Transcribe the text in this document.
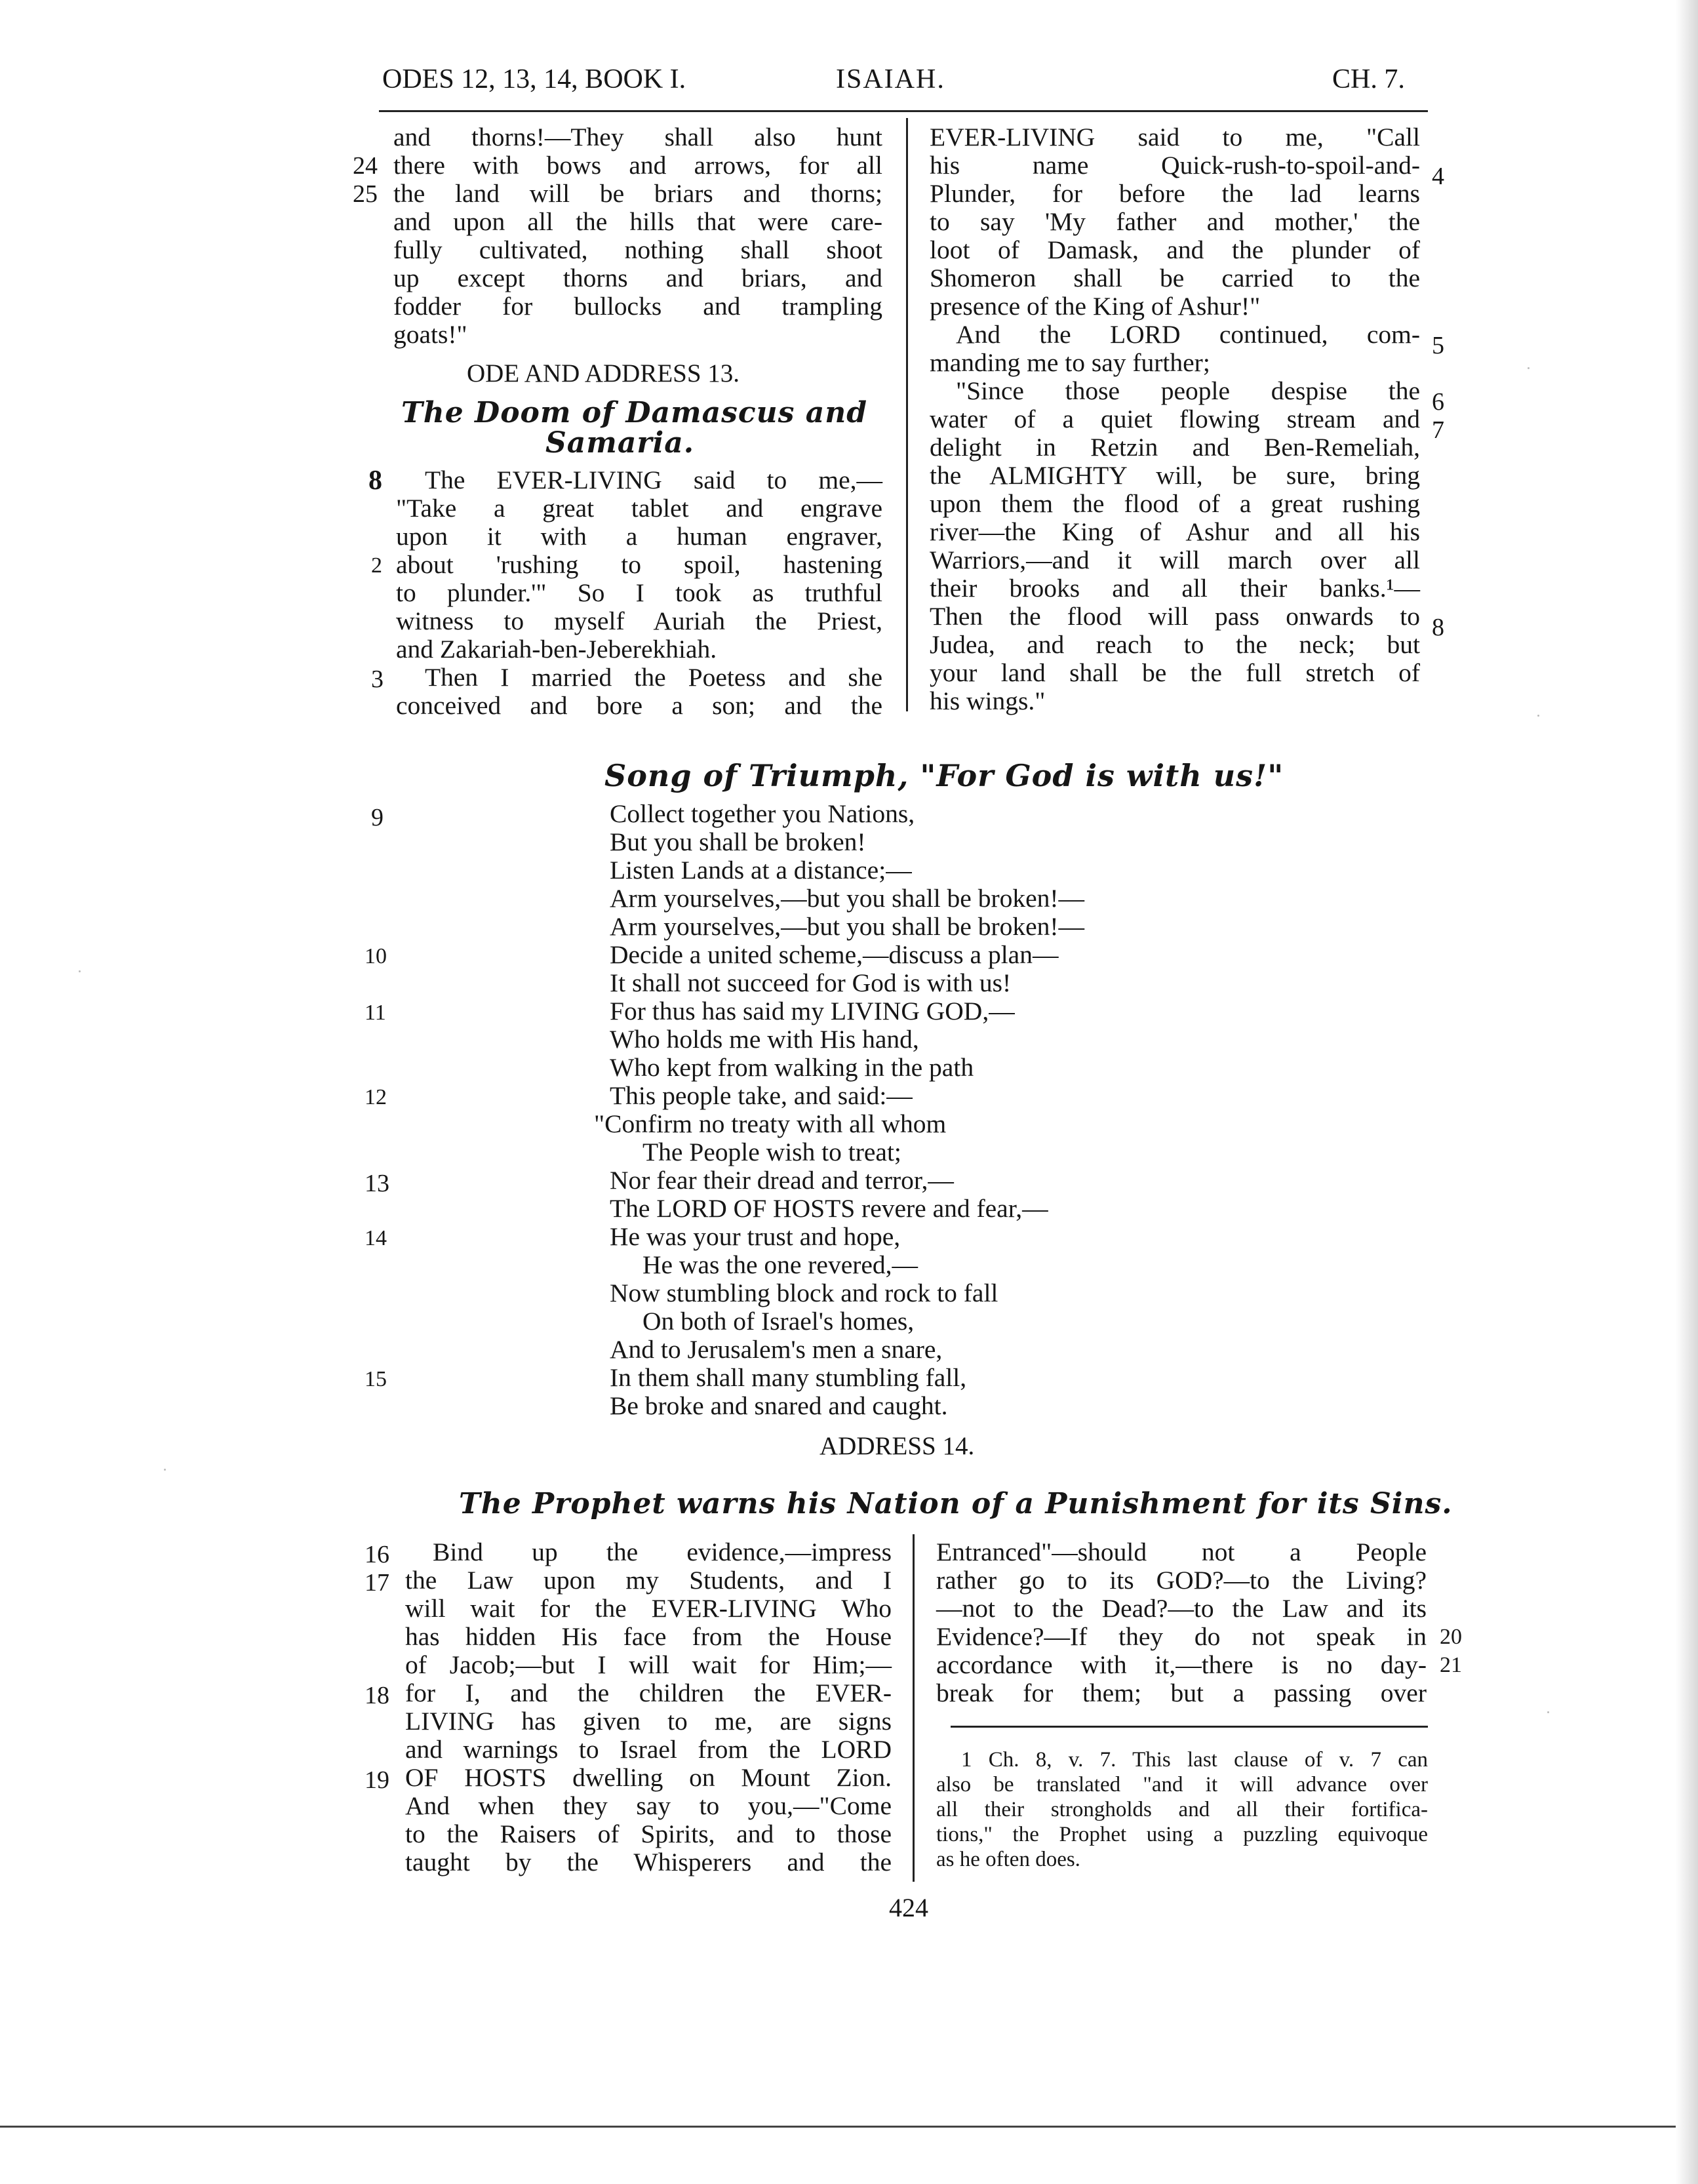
ODES 12, 13, 14, BOOK I.	ISAIAH.	CH. 7.
and thorns!—They shall also hunt
there with bows and arrows, for all
the land will be briars and thorns;
and upon all the hills that were care-
fully cultivated, nothing shall shoot
up except thorns and briars, and
fodder for bullocks and trampling
goats!"
24
25
ODE AND ADDRESS 13.
The Doom of Damascus and
Samaria.
The EVER-LIVING said to me,—
"Take a great tablet and engrave
upon it with a human engraver,
about 'rushing to spoil, hastening
to plunder.'" So I took as truthful
witness to myself Auriah the Priest,
and Zakariah-ben-Jeberekhiah.
Then I married the Poetess and she
conceived and bore a son; and the
8
2
3
EVER-LIVING said to me, "Call
his name Quick-rush-to-spoil-and-
Plunder, for before the lad learns
to say 'My father and mother,' the
loot of Damask, and the plunder of
Shomeron shall be carried to the
presence of the King of Ashur!"
And the LORD continued, com-
manding me to say further;
"Since those people despise the
water of a quiet flowing stream and
delight in Retzin and Ben-Remeliah,
the ALMIGHTY will, be sure, bring
upon them the flood of a great rushing
river—the King of Ashur and all his
Warriors,—and it will march over all
their brooks and all their banks.¹—
Then the flood will pass onwards to
Judea, and reach to the neck; but
your land shall be the full stretch of
his wings."
4
5
6
7
8
Song of Triumph, "For God is with us!"
Collect together you Nations,
But you shall be broken!
Listen Lands at a distance;—
Arm yourselves,—but you shall be broken!—
Arm yourselves,—but you shall be broken!—
Decide a united scheme,—discuss a plan—
It shall not succeed for God is with us!
For thus has said my LIVING GOD,—
Who holds me with His hand,
Who kept from walking in the path
This people take, and said:—
"Confirm no treaty with all whom
The People wish to treat;
Nor fear their dread and terror,—
The LORD OF HOSTS revere and fear,—
He was your trust and hope,
He was the one revered,—
Now stumbling block and rock to fall
On both of Israel's homes,
And to Jerusalem's men a snare,
In them shall many stumbling fall,
Be broke and snared and caught.
9
10
11
12
13
14
15
ADDRESS 14.
The Prophet warns his Nation of a Punishment for its Sins.
Bind up the evidence,—impress
the Law upon my Students, and I
will wait for the EVER-LIVING Who
has hidden His face from the House
of Jacob;—but I will wait for Him;—
for I, and the children the EVER-
LIVING has given to me, are signs
and warnings to Israel from the LORD
OF HOSTS dwelling on Mount Zion.
And when they say to you,—"Come
to the Raisers of Spirits, and to those
taught by the Whisperers and the
16
17
18
19
Entranced"—should not a People
rather go to its GOD?—to the Living?
—not to the Dead?—to the Law and its
Evidence?—If they do not speak in
accordance with it,—there is no day-
break for them; but a passing over
20
21
1 Ch. 8, v. 7. This last clause of v. 7 can
also be translated "and it will advance over
all their strongholds and all their fortifica-
tions," the Prophet using a puzzling equivoque
as he often does.
424
